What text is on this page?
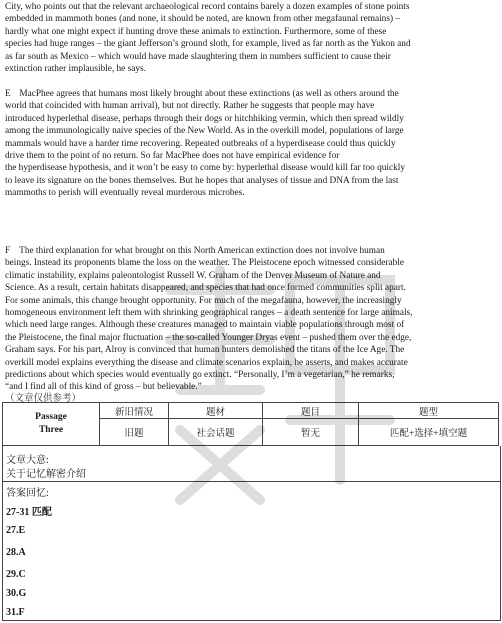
City, who points out that the relevant archaeological record contains barely a dozen examples of stone points
embedded in mammoth bones (and none, it should be noted, are known from other megafaunal remains) –
hardly what one might expect if hunting drove these animals to extinction. Furthermore, some of these
species had huge ranges – the giant Jefferson’s ground sloth, for example, lived as far north as the Yukon and
as far south as Mexico – which would have made slaughtering them in numbers sufficient to cause their
extinction rather implausible, he says.
E MacPhee agrees that humans most likely brought about these extinctions (as well as others around the
world that coincided with human arrival), but not directly. Rather he suggests that people may have
introduced hyperlethal disease, perhaps through their dogs or hitchhiking vermin, which then spread wildly
among the immunologically naive species of the New World. As in the overkill model, populations of large
mammals would have a harder time recovering. Repeated outbreaks of a hyperdisease could thus quickly
drive them to the point of no return. So far MacPhee does not have empirical evidence for
the hyperdisease hypothesis, and it won’t be easy to come by: hyperlethal disease would kill far too quickly
to leave its signature on the bones themselves. But he hopes that analyses of tissue and DNA from the last
mammoths to perish will eventually reveal murderous microbes.
F The third explanation for what brought on this North American extinction does not involve human
beings. Instead its proponents blame the loss on the weather. The Pleistocene epoch witnessed considerable
climatic instability, explains paleontologist Russell W. Graham of the Denver Museum of Nature and
Science. As a result, certain habitats disappeared, and species that had once formed communities split apart.
For some animals, this change brought opportunity. For much of the megafauna, however, the increasingly
homogeneous environment left them with shrinking geographical ranges – a death sentence for large animals,
which need large ranges. Although these creatures managed to maintain viable populations through most of
the Pleistocene, the final major fluctuation – the so-called Younger Dryas event – pushed them over the edge,
Graham says. For his part, Alroy is convinced that human hunters demolished the titans of the Ice Age. The
overkill model explains everything the disease and climate scenarios explain, he asserts, and makes accurate
predictions about which species would eventually go extinct. “Personally, I’m a vegetarian,” he remarks,
“and I find all of this kind of gross – but believable.”
（文章仅供参考）
Passage
Three	新旧情况	题材	题目	题型
	旧题	社会话题	暂无	匹配+选择+填空题
文章大意:
关于记忆解密介绍
答案回忆:
27-31 匹配
27.E
28.A
29.C
30.G
31.F
